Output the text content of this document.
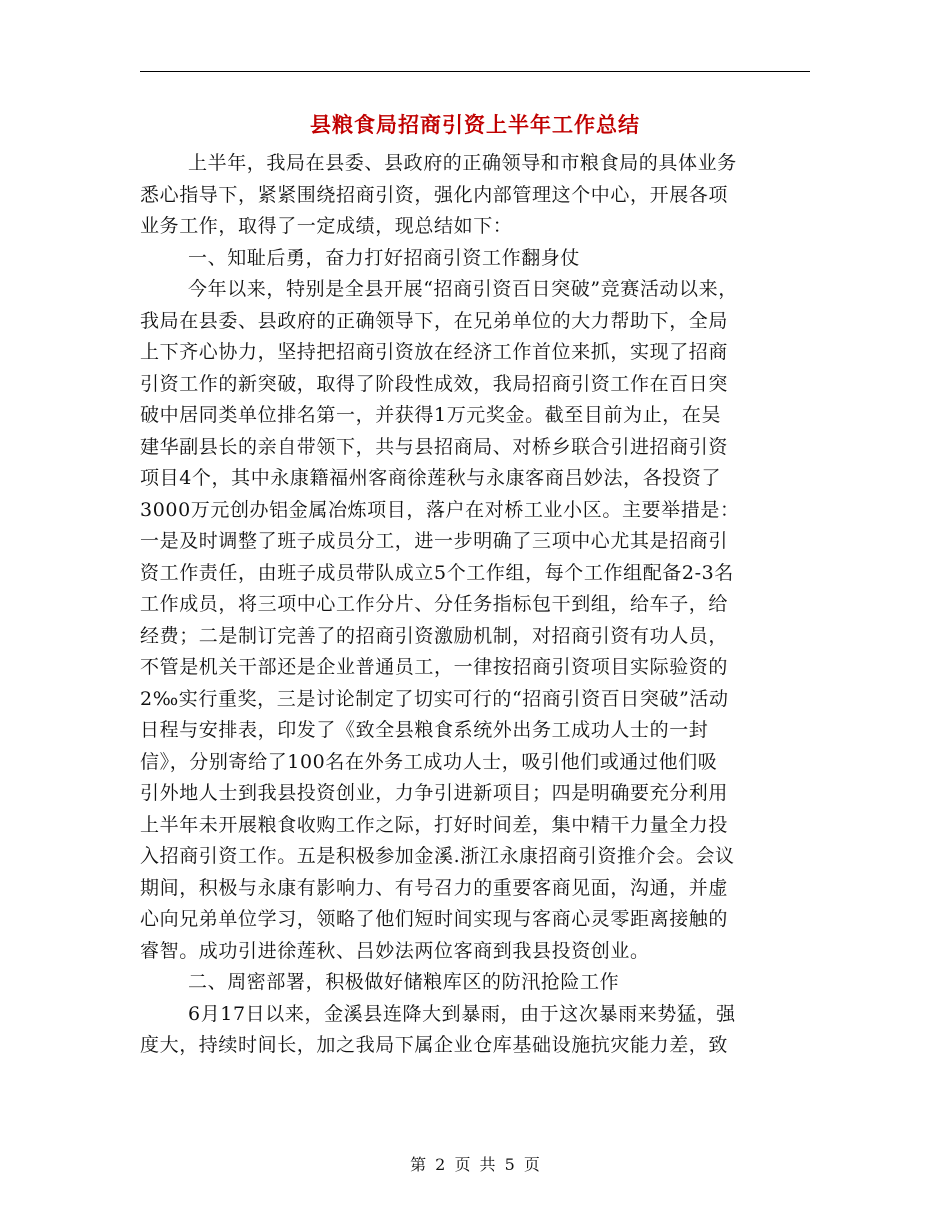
县粮食局招商引资上半年工作总结
上半年，我局在县委、县政府的正确领导和市粮食局的具体业务
悉心指导下，紧紧围绕招商引资，强化内部管理这个中心，开展各项
业务工作，取得了一定成绩，现总结如下：
一、知耻后勇，奋力打好招商引资工作翻身仗
今年以来，特别是全县开展“招商引资百日突破”竞赛活动以来，
我局在县委、县政府的正确领导下，在兄弟单位的大力帮助下，全局
上下齐心协力，坚持把招商引资放在经济工作首位来抓，实现了招商
引资工作的新突破，取得了阶段性成效，我局招商引资工作在百日突
破中居同类单位排名第一，并获得1万元奖金。截至目前为止，在吴
建华副县长的亲自带领下，共与县招商局、对桥乡联合引进招商引资
项目4个，其中永康籍福州客商徐莲秋与永康客商吕妙法，各投资了
3000万元创办铝金属冶炼项目，落户在对桥工业小区。主要举措是：
一是及时调整了班子成员分工，进一步明确了三项中心尤其是招商引
资工作责任，由班子成员带队成立5个工作组，每个工作组配备2-3名
工作成员，将三项中心工作分片、分任务指标包干到组，给车子，给
经费；二是制订完善了的招商引资激励机制，对招商引资有功人员，
不管是机关干部还是企业普通员工，一律按招商引资项目实际验资的
2‰实行重奖，三是讨论制定了切实可行的“招商引资百日突破”活动
日程与安排表，印发了《致全县粮食系统外出务工成功人士的一封
信》，分别寄给了100名在外务工成功人士，吸引他们或通过他们吸
引外地人士到我县投资创业，力争引进新项目；四是明确要充分利用
上半年未开展粮食收购工作之际，打好时间差，集中精干力量全力投
入招商引资工作。五是积极参加金溪.浙江永康招商引资推介会。会议
期间，积极与永康有影响力、有号召力的重要客商见面，沟通，并虚
心向兄弟单位学习，领略了他们短时间实现与客商心灵零距离接触的
睿智。成功引进徐莲秋、吕妙法两位客商到我县投资创业。
二、周密部署，积极做好储粮库区的防汛抢险工作
6月17日以来，金溪县连降大到暴雨，由于这次暴雨来势猛，强
度大，持续时间长，加之我局下属企业仓库基础设施抗灾能力差，致
第 2 页 共 5 页
